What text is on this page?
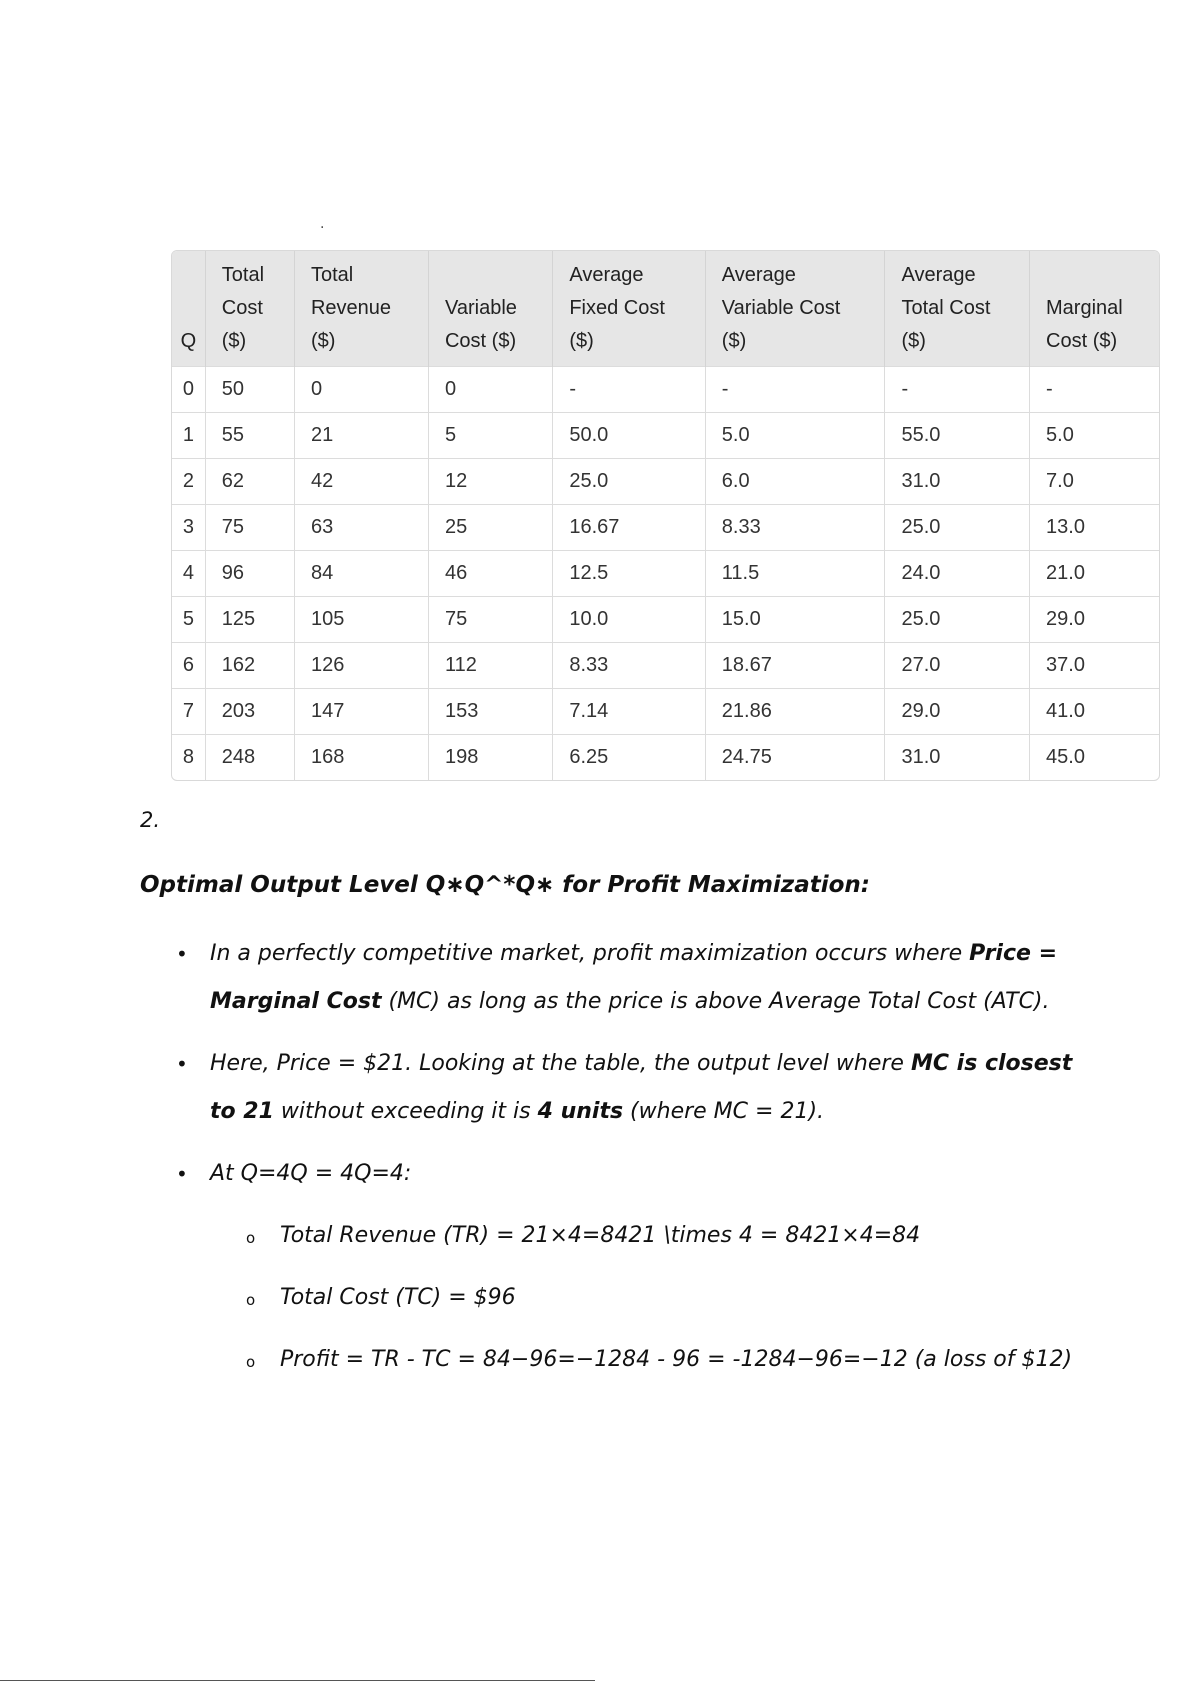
·
Q	Total
Cost
($)	Total
Revenue
($)	Variable
Cost ($)	Average
Fixed Cost
($)	Average
Variable Cost
($)	Average
Total Cost
($)	Marginal
Cost ($)
0	50	0	0	-	-	-	-
1	55	21	5	50.0	5.0	55.0	5.0
2	62	42	12	25.0	6.0	31.0	7.0
3	75	63	25	16.67	8.33	25.0	13.0
4	96	84	46	12.5	11.5	24.0	21.0
5	125	105	75	10.0	15.0	25.0	29.0
6	162	126	112	8.33	18.67	27.0	37.0
7	203	147	153	7.14	21.86	29.0	41.0
8	248	168	198	6.25	24.75	31.0	45.0
2.
Optimal Output Level Q∗Q^*Q∗ for Profit Maximization:
• In a perfectly competitive market, profit maximization occurs where Price = Marginal Cost (MC) as long as the price is above Average Total Cost (ATC).
• Here, Price = $21. Looking at the table, the output level where MC is closest to 21 without exceeding it is 4 units (where MC = 21).
• At Q=4Q = 4Q=4:
o Total Revenue (TR) = 21×4=8421 \times 4 = 8421×4=84
o Total Cost (TC) = $96
o Profit = TR - TC = 84−96=−1284 - 96 = -1284−96=−12 (a loss of $12)
